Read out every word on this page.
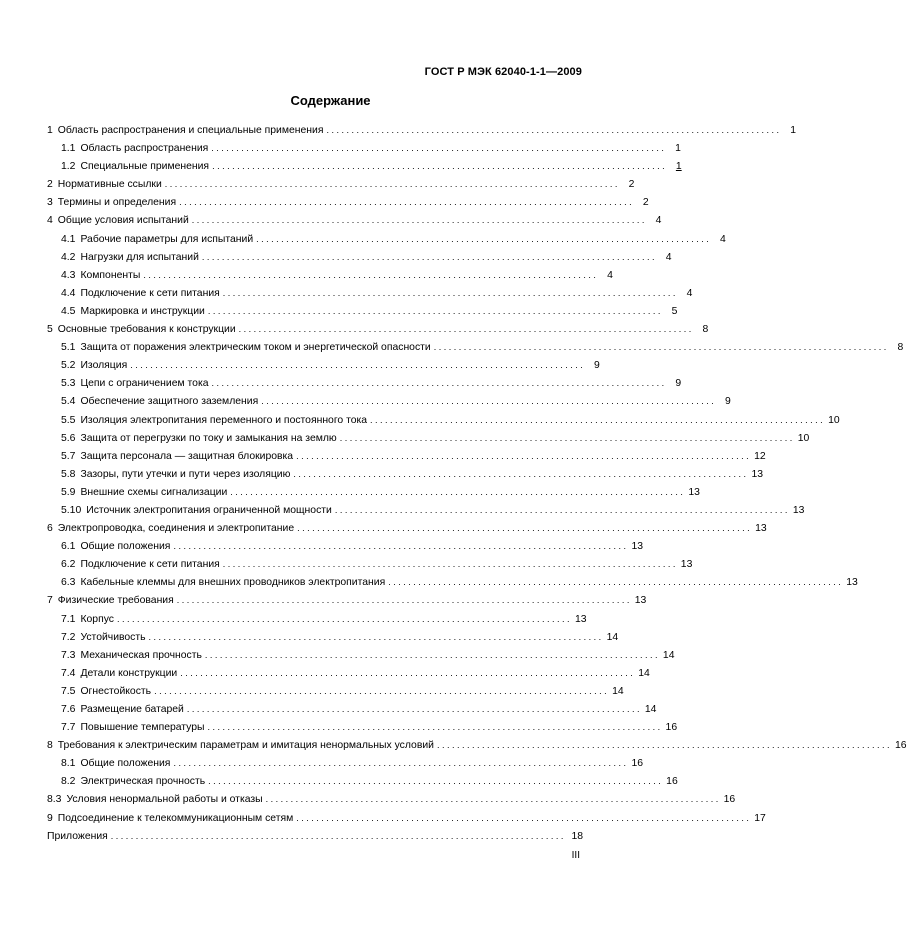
ГОСТ Р МЭК 62040-1-1—2009
Содержание
1 Область распространения и специальные применения . . .	1
1.1 Область распространения . . .	1
1.2 Специальные применения . . .	1
2 Нормативные ссылки . . .	2
3 Термины и определения . . .	2
4 Общие условия испытаний . . .	4
4.1 Рабочие параметры для испытаний . . .	4
4.2 Нагрузки для испытаний . . .	4
4.3 Компоненты . . .	4
4.4 Подключение к сети питания . . .	4
4.5 Маркировка и инструкции . . .	5
5 Основные требования к конструкции . . .	8
5.1 Защита от поражения электрическим током и энергетической опасности . . .	8
5.2 Изоляция . . .	9
5.3 Цепи с ограничением тока . . .	9
5.4 Обеспечение защитного заземления . . .	9
5.5 Изоляция электропитания переменного и постоянного тока . . .	10
5.6 Защита от перегрузки по току и замыкания на землю . . .	10
5.7 Защита персонала — защитная блокировка . . .	12
5.8 Зазоры, пути утечки и пути через изоляцию . . .	13
5.9 Внешние схемы сигнализации . . .	13
5.10 Источник электропитания ограниченной мощности . . .	13
6 Электропроводка, соединения и электропитание . . .	13
6.1 Общие положения . . .	13
6.2 Подключение к сети питания . . .	13
6.3 Кабельные клеммы для внешних проводников электропитания . . .	13
7 Физические требования . . .	13
7.1 Корпус . . .	13
7.2 Устойчивость . . .	14
7.3 Механическая прочность . . .	14
7.4 Детали конструкции . . .	14
7.5 Огнестойкость . . .	14
7.6 Размещение батарей . . .	14
7.7 Повышение температуры . . .	16
8 Требования к электрическим параметрам и имитация ненормальных условий . . .	16
8.1 Общие положения . . .	16
8.2 Электрическая прочность . . .	16
8.3 Условия ненормальной работы и отказы . . .	16
9 Подсоединение к телекоммуникационным сетям . . .	17
Приложения . . .	18
III
